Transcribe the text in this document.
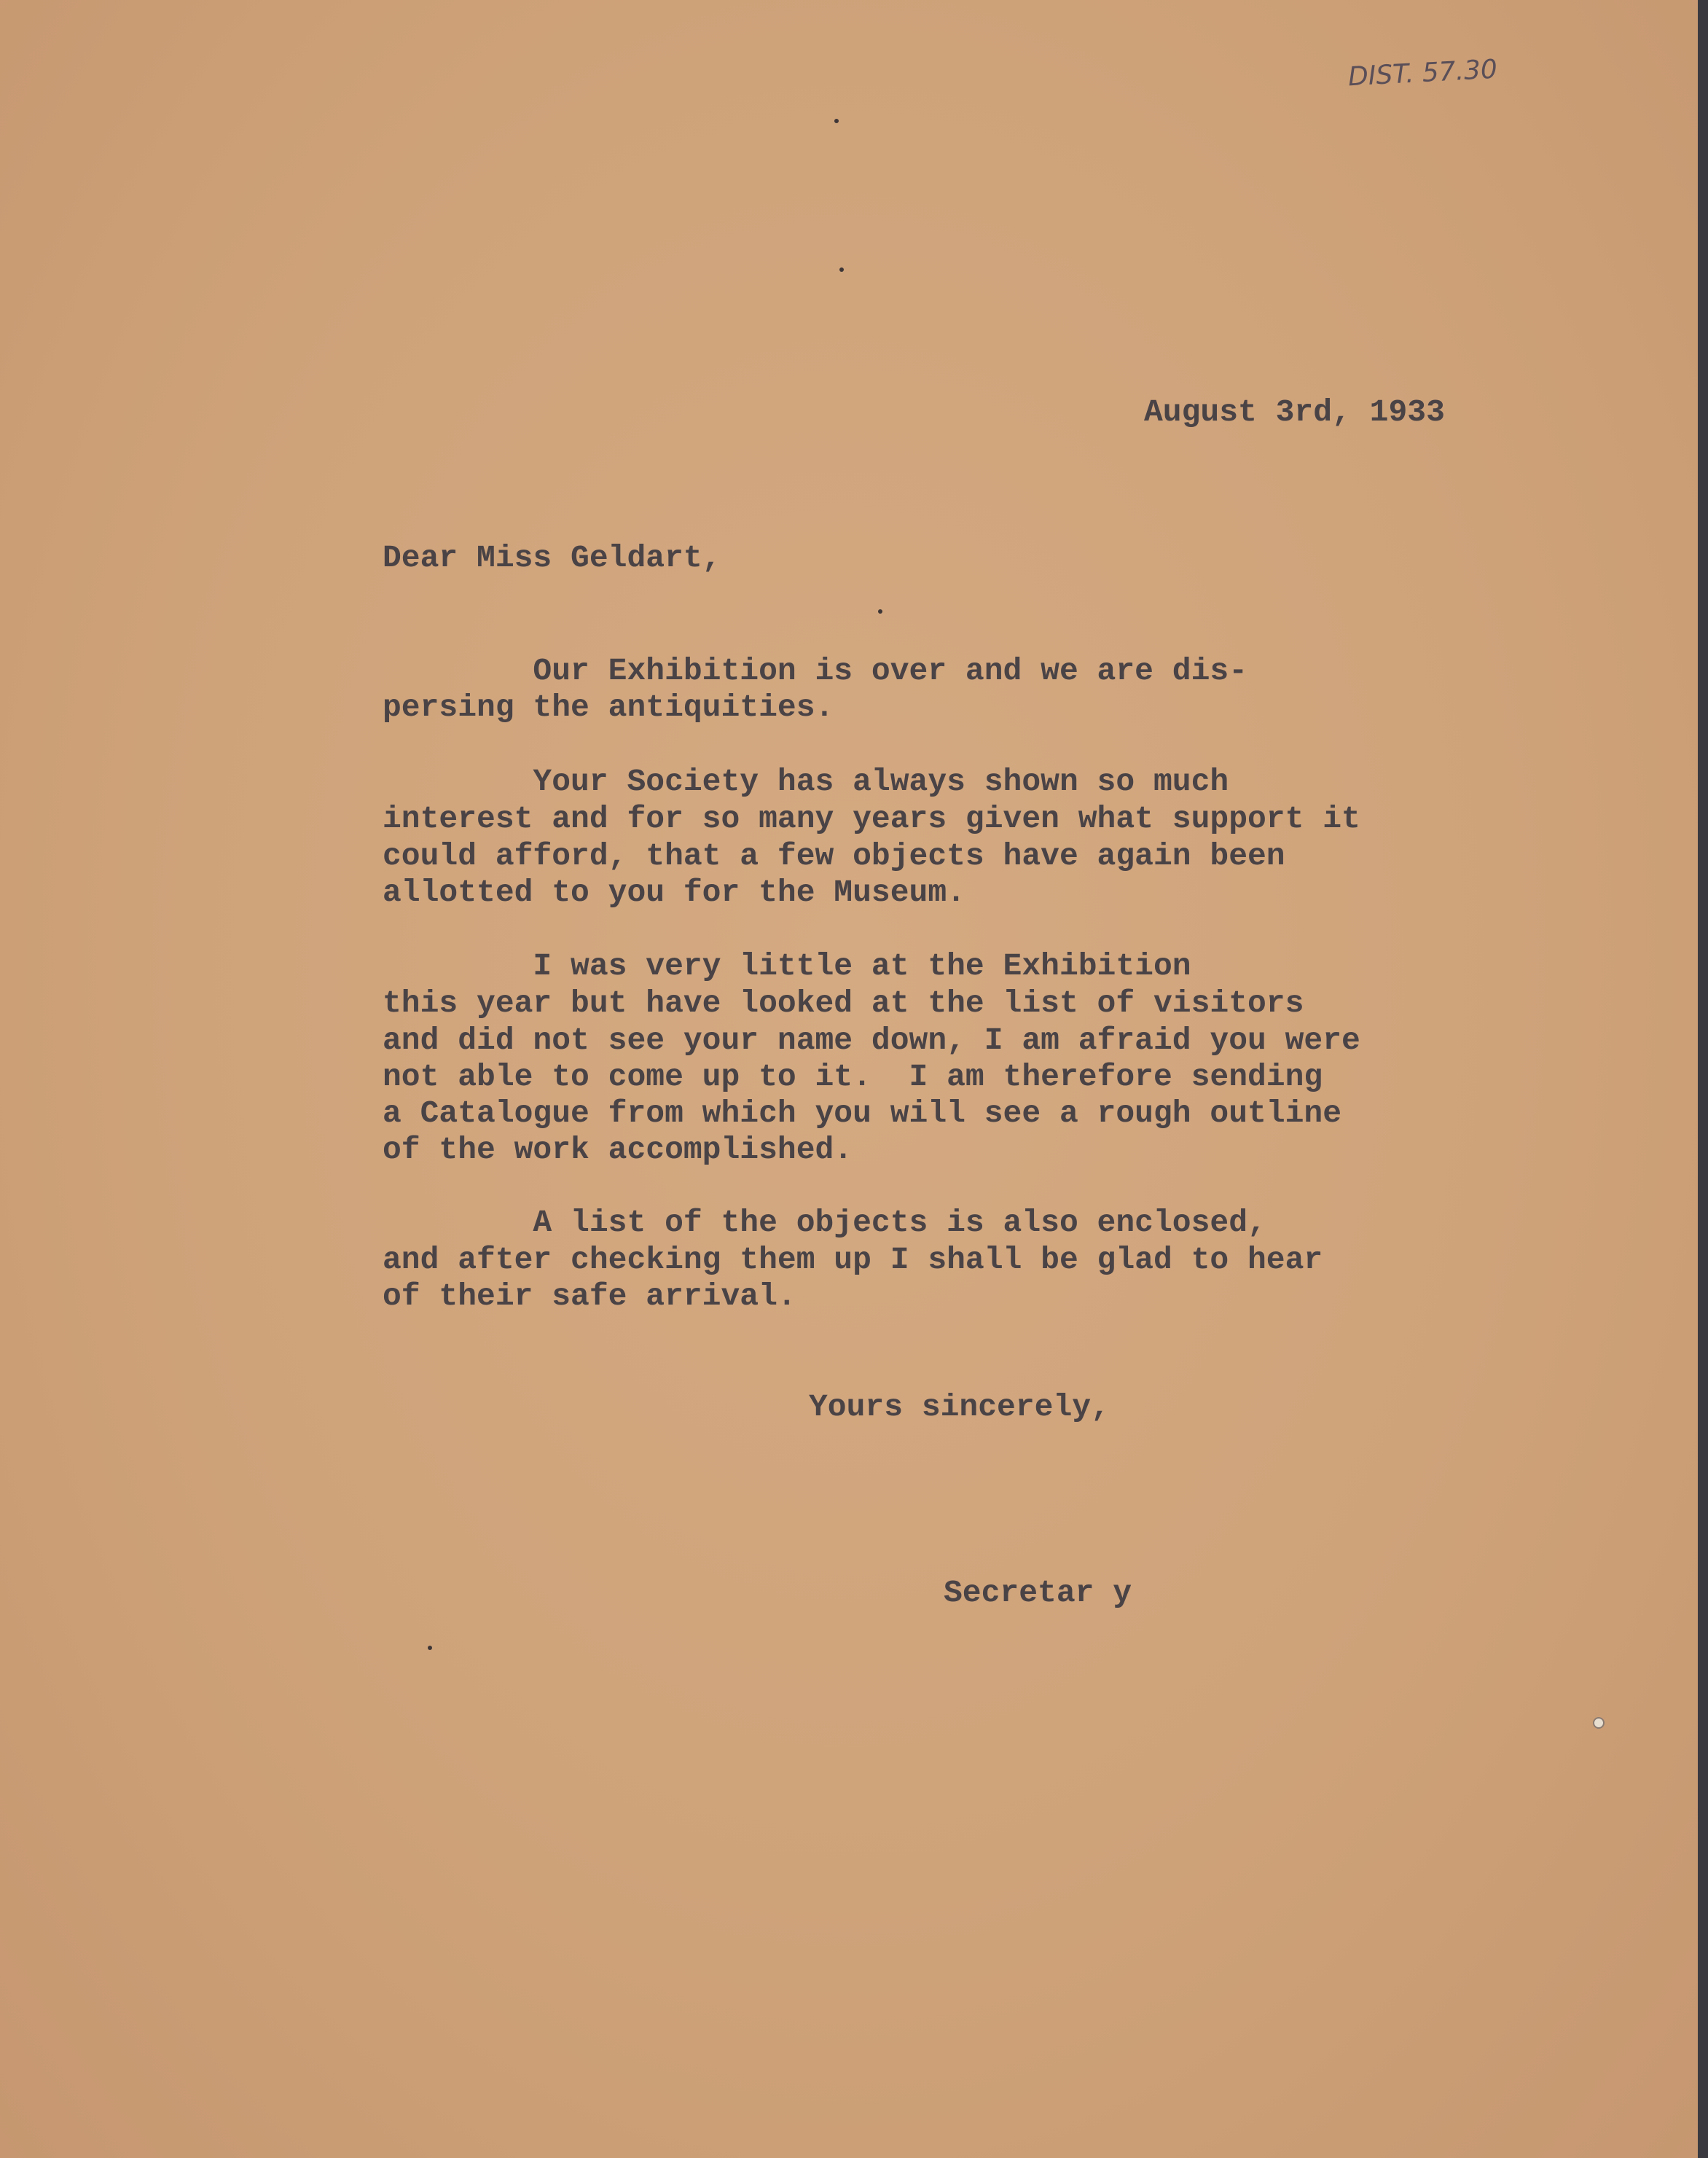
DIST. 57.30
August 3rd, 1933
Dear Miss Geldart,
Our Exhibition is over and we are dis-
persing the antiquities.
Your Society has always shown so much
interest and for so many years given what support it
could afford, that a few objects have again been
allotted to you for the Museum.
I was very little at the Exhibition
this year but have looked at the list of visitors
and did not see your name down, I am afraid you were
not able to come up to it.  I am therefore sending
a Catalogue from which you will see a rough outline
of the work accomplished.
A list of the objects is also enclosed,
and after checking them up I shall be glad to hear
of their safe arrival.
Yours sincerely,
Secretar y
